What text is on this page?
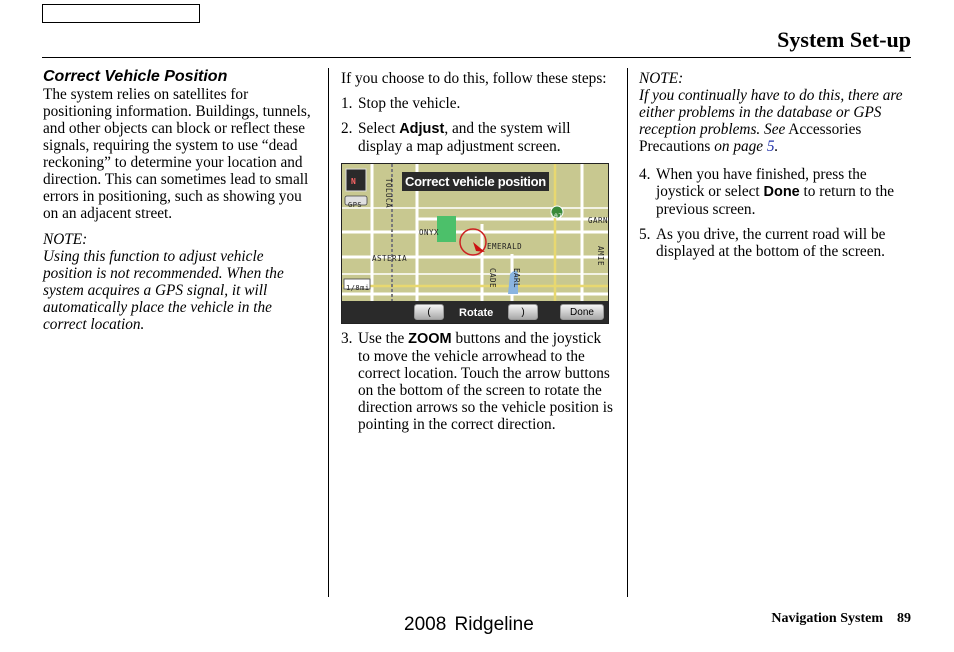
System Set-up

Correct Vehicle Position

The system relies on satellites for positioning information. Buildings, tunnels, and other objects can block or reflect these signals, requiring the system to use “dead reckoning” to determine your location and direction. This can sometimes lead to small errors in positioning, such as showing you on an adjacent street.

NOTE:

Using this function to adjust vehicle position is not recommended. When the system acquires a GPS signal, it will automatically place the vehicle in the correct location.

If you choose to do this, follow these steps:

1. Stop the vehicle.

2. Select Adjust, and the system will display a map adjustment screen.

Correct vehicle position
N
GPS
1/8mi
TOLUCA
ONYX
EMERALD
ASTERIA
GARN
AMIE
CADE	EARL
107
(	Rotate	)	Done

3. Use the ZOOM buttons and the joystick to move the vehicle arrowhead to the correct location. Touch the arrow buttons on the bottom of the screen to rotate the direction arrows so the vehicle position is pointing in the correct direction.

NOTE:

If you continually have to do this, there are either problems in the database or GPS reception problems. See Accessories Precautions on page 5.

4. When you have finished, press the joystick or select Done to return to the previous screen.

5. As you drive, the current road will be displayed at the bottom of the screen.

2008 Ridgeline	Navigation System 89
